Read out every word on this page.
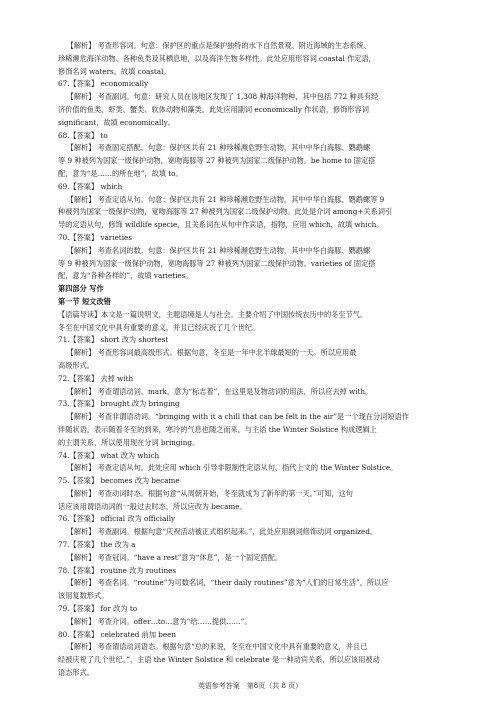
【解析】 考查形容词。句意：保护区的重点是保护独特的水下自然景观、附近海域的生态系统、

珍稀濒危海洋动物、各种鱼类及其栖息地，以及海洋生物多样性。此处应用形容词 coastal 作定语，

修饰名词 waters。故填 coastal。

67.【答案】 economically

【解析】 考查副词。句意：研究人员在该地区发现了 1,308 种海洋物种，其中包括 772 种具有经

济价值的鱼类、虾类、蟹类、软体动物和藻类。此处应用副词 economically 作状语，修饰形容词

significant，故填 economically。

68.【答案】 to

【解析】 考查固定搭配。句意：保护区共有 21 种珍稀濒危野生动物，其中中华白海豚、鹦鹉螺

等 9 种被列为国家一级保护动物，宽吻海豚等 27 种被列为国家二级保护动物。be home to 固定搭

配，意为“是……的所在地”，故填 to。

69.【答案】 which

【解析】 考查定语从句。句意：保护区共有 21 种珍稀濒危野生动物，其中中华白海豚、鹦鹉螺等 9

种被列为国家一级保护动物，宽吻海豚等 27 种被列为国家二级保护动物。此处是介词 among+关系词引

导的定语从句，修饰 wildlife specie，且关系词在从句中作宾语，指物，应用 which，故填 which。

70.【答案】 varieties

【解析】 考查名词的数。句意：保护区共有 21 种珍稀濒危野生动物，其中中华白海豚、鹦鹉螺

等 9 种被列为国家一级保护动物，宽吻海豚等 27 种被列为国家二级保护动物。varieties of 固定搭

配，意为“各种各样的”，故填 varieties。

第四部分 写作

第一节 短文改错

【语篇导读】本文是一篇说明文，主题语境是人与社会。主要介绍了中国传统农历中的冬至节气。

冬至在中国文化中具有重要的意义，并且已经庆祝了几个世纪。

71.【答案】 short 改为 shortest

【解析】 考查形容词最高级形式。根据句意，冬至是一年中北半球最短的一天。所以应用最

高级形式。

72.【答案】 去掉 with

【解析】 考查谓语动词。mark，意为“标志着”，在这里是及物动词的用法，所以应去掉 with。

73.【答案】 brought 改为 bringing

【解析】 考查非谓语动词。“bringing with it a chill that can be felt in the air”是一个现在分词短语作

伴随状语，表示随着冬至的到来，寒冷的气息也随之而来，与主语 the Winter Solstice 构成逻辑上

的主谓关系，所以使用现在分词 bringing。

74.【答案】 what 改为 which

【解析】 考查定语从句。此处应用 which 引导非限制性定语从句，指代上文的 the Winter Solstice。

75.【答案】 becomes 改为 became

【解析】 考查动词时态。根据句意“从周朝开始，冬至就成为了新年的第一天。”可知，这句

话应该用谓语动词的一般过去时态，所以应改为 became。

76.【答案】 official 改为 officially

【解析】 考查副词。根据句意“庆祝活动被正式组织起来。”，此处应用副词修饰动词 organized。

77.【答案】 the 改为 a

【解析】 考查冠词。“have a rest”意为“休息”，是一个固定搭配。

78.【答案】 routine 改为 routines

【解析】 考查名词。“routine”为可数名词，“their daily routines”意为“人们的日常生活”，所以应

该用复数形式。

79.【答案】 for 改为 to

【解析】 考查介词。offer…to…意为“给……提供……”。

80.【答案】 celebrated 前加 been

【解析】 考查谓语动词语态。根据句意“总的来说，冬至在中国文化中具有重要的意义，并且已

经被庆祝了几个世纪。”，主语 the Winter Solstice 和 celebrate 是一种动宾关系，所以应该用被动

语态形式。

英语参考答案　第8页（共 8 页）
